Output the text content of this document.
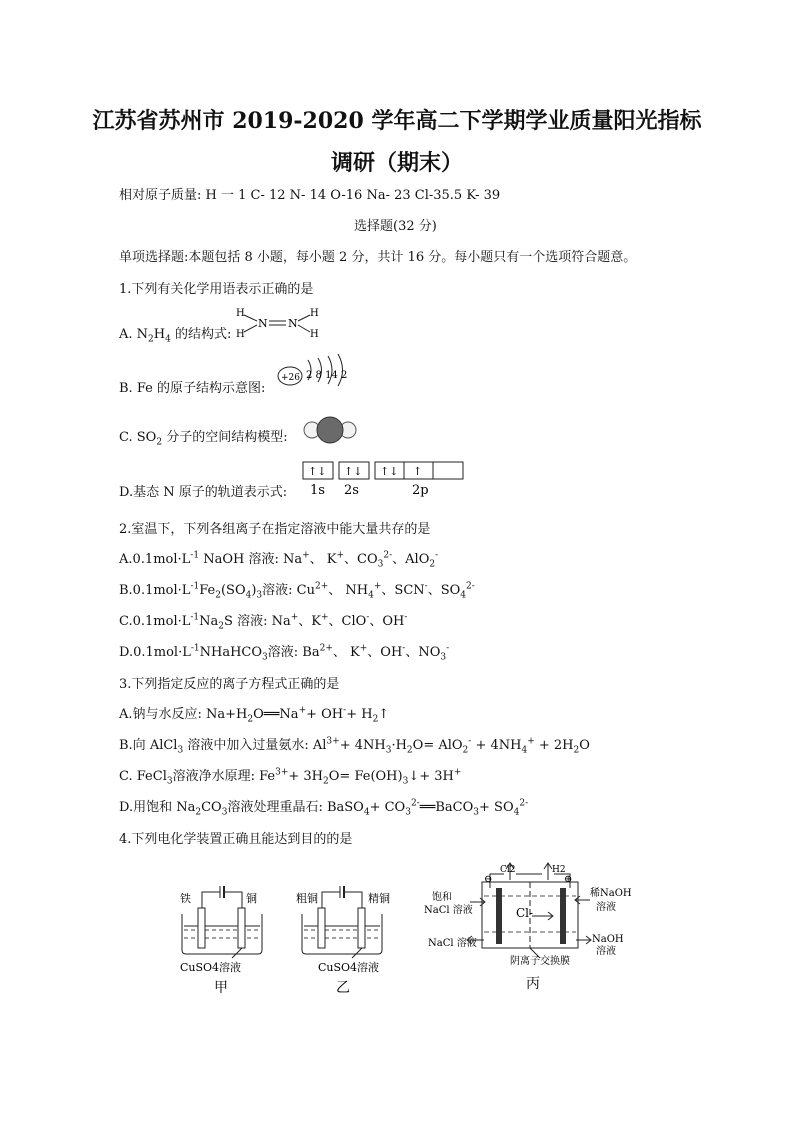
江苏省苏州市 2019-2020 学年高二下学期学业质量阳光指标
调研（期末）
相对原子质量: H 一 1 C- 12 N- 14 O-16 Na- 23 Cl-35.5 K- 39
选择题(32 分)
单项选择题:本题包括 8 小题，每小题 2 分，共计 16 分。每小题只有一个选项符合题意。
1.下列有关化学用语表示正确的是
A. $N_2H_4$ 的结构式:
H
H
H
H
N N
B. Fe 的原子结构示意图:
+26 2 8 14 2
C. $SO_2$ 分子的空间结构模型:
D.基态 N 原子的轨道表示式:
↑↓ ↑↓ ↑↓ ↑
1s 2s	2p
2.室温下，下列各组离子在指定溶液中能大量共存的是
$A.0.1mol\cdot L^{-1}$ NaOH 溶液: Na+、 K+、$CO_3^{2-}$、AlO$_2$-
$B.0.1mol\cdot L^{-1}Fe_2(SO_4)_3$溶液: $Cu^{2+}$、 $NH_4^+$、SCN-、$SO_4^{2-}$
$C.0.1mol\cdot L^{-1}Na_2S$ 溶液: Na+、K+、ClO-、OH-
$D.0.1mol\cdot L^{-1}NHaHCO_3$溶液: $Ba^{2+}$、 K+、OH-、$NO_3^-$
3.下列指定反应的离子方程式正确的是
A.钠与水反应: $Na+H_2O══Na^++ OH^-+$ $H_2↑$
B.向 AlCl$_3$ 溶液中加入过量氨水: $Al^{3+}+ 4NH_3\cdot H_2O= AlO_2^- + 4NH_4^+ + 2H_2O$
C. FeCl$_3$溶液净水原理: $Fe^{3+}+ 3H_2O=$ $Fe(OH)_3↓+ 3H^+$
D.用饱和 $Na_2CO_3$溶液处理重晶石: BaSO$_4$+ $CO_3^{2-}══BaCO_3+ SO_4^{2-}$
4.下列电化学装置正确且能达到目的的是
铁	铜
CuSO4溶液
甲
粗铜	精铜
CuSO4溶液
乙
Cl2	H2
⊖	⊕
Cl-
饱和
NaCl 溶液
稀NaOH
溶液
NaCl 溶液	NaOH
溶液
阴离子交换膜
丙
